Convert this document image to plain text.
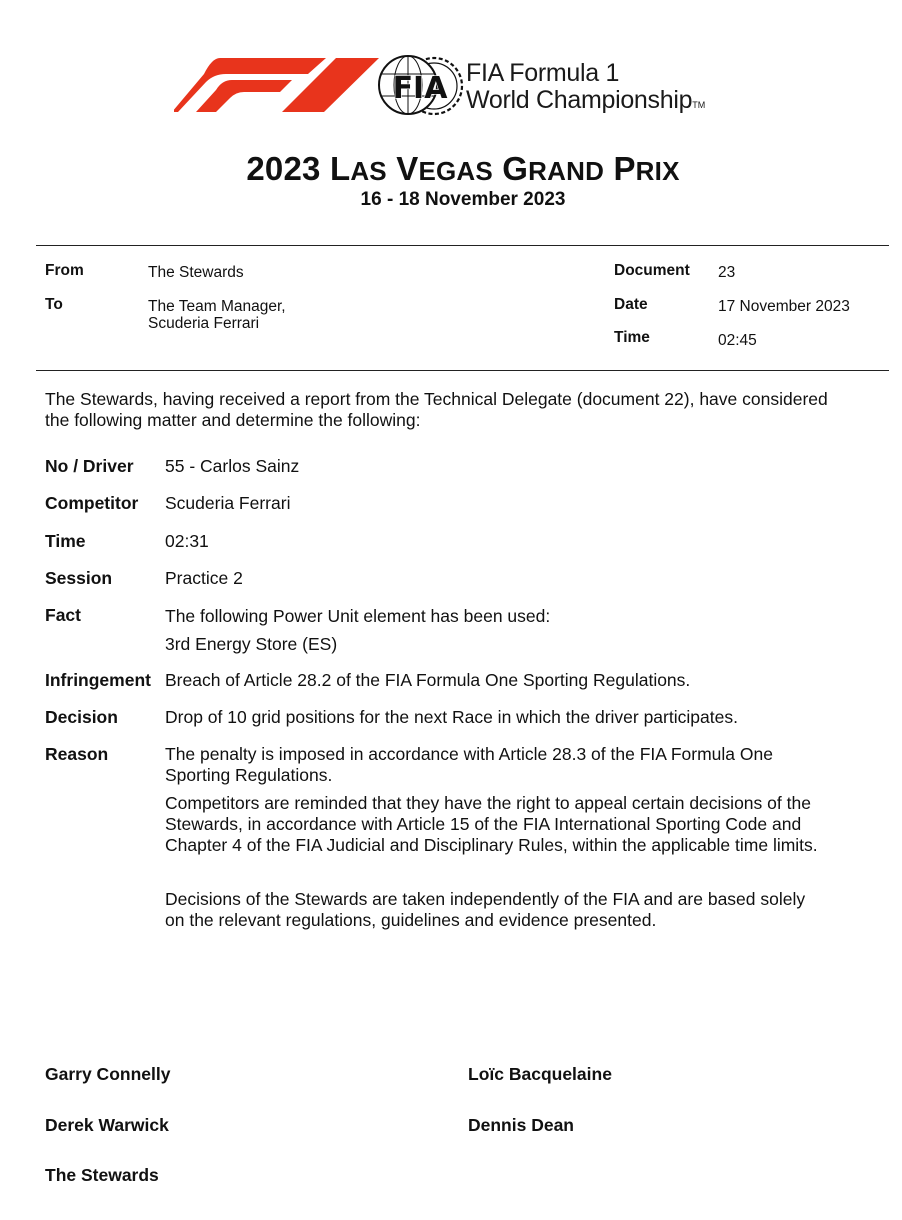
FIA FIA Formula 1
World ChampionshipTM
2023 LAS VEGAS GRAND PRIX
16 - 18 November 2023
From	The Stewards
To	The Team Manager,
Scuderia Ferrari
Document 23
Date	17 November 2023
Time	02:45
The Stewards, having received a report from the Technical Delegate (document 22), have considered the following matter and determine the following:
No / Driver 55 - Carlos Sainz
Competitor Scuderia Ferrari
Time	02:31
Session	Practice 2
Fact	The following Power Unit element has been used:
3rd Energy Store (ES)
Infringement Breach of Article 28.2 of the FIA Formula One Sporting Regulations.
Decision	Drop of 10 grid positions for the next Race in which the driver participates.
Reason	The penalty is imposed in accordance with Article 28.3 of the FIA Formula One
Sporting Regulations.
Competitors are reminded that they have the right to appeal certain decisions of the
Stewards, in accordance with Article 15 of the FIA International Sporting Code and
Chapter 4 of the FIA Judicial and Disciplinary Rules, within the applicable time limits.
Decisions of the Stewards are taken independently of the FIA and are based solely
on the relevant regulations, guidelines and evidence presented.
Garry Connelly	Loïc Bacquelaine
Derek Warwick	Dennis Dean
The Stewards
